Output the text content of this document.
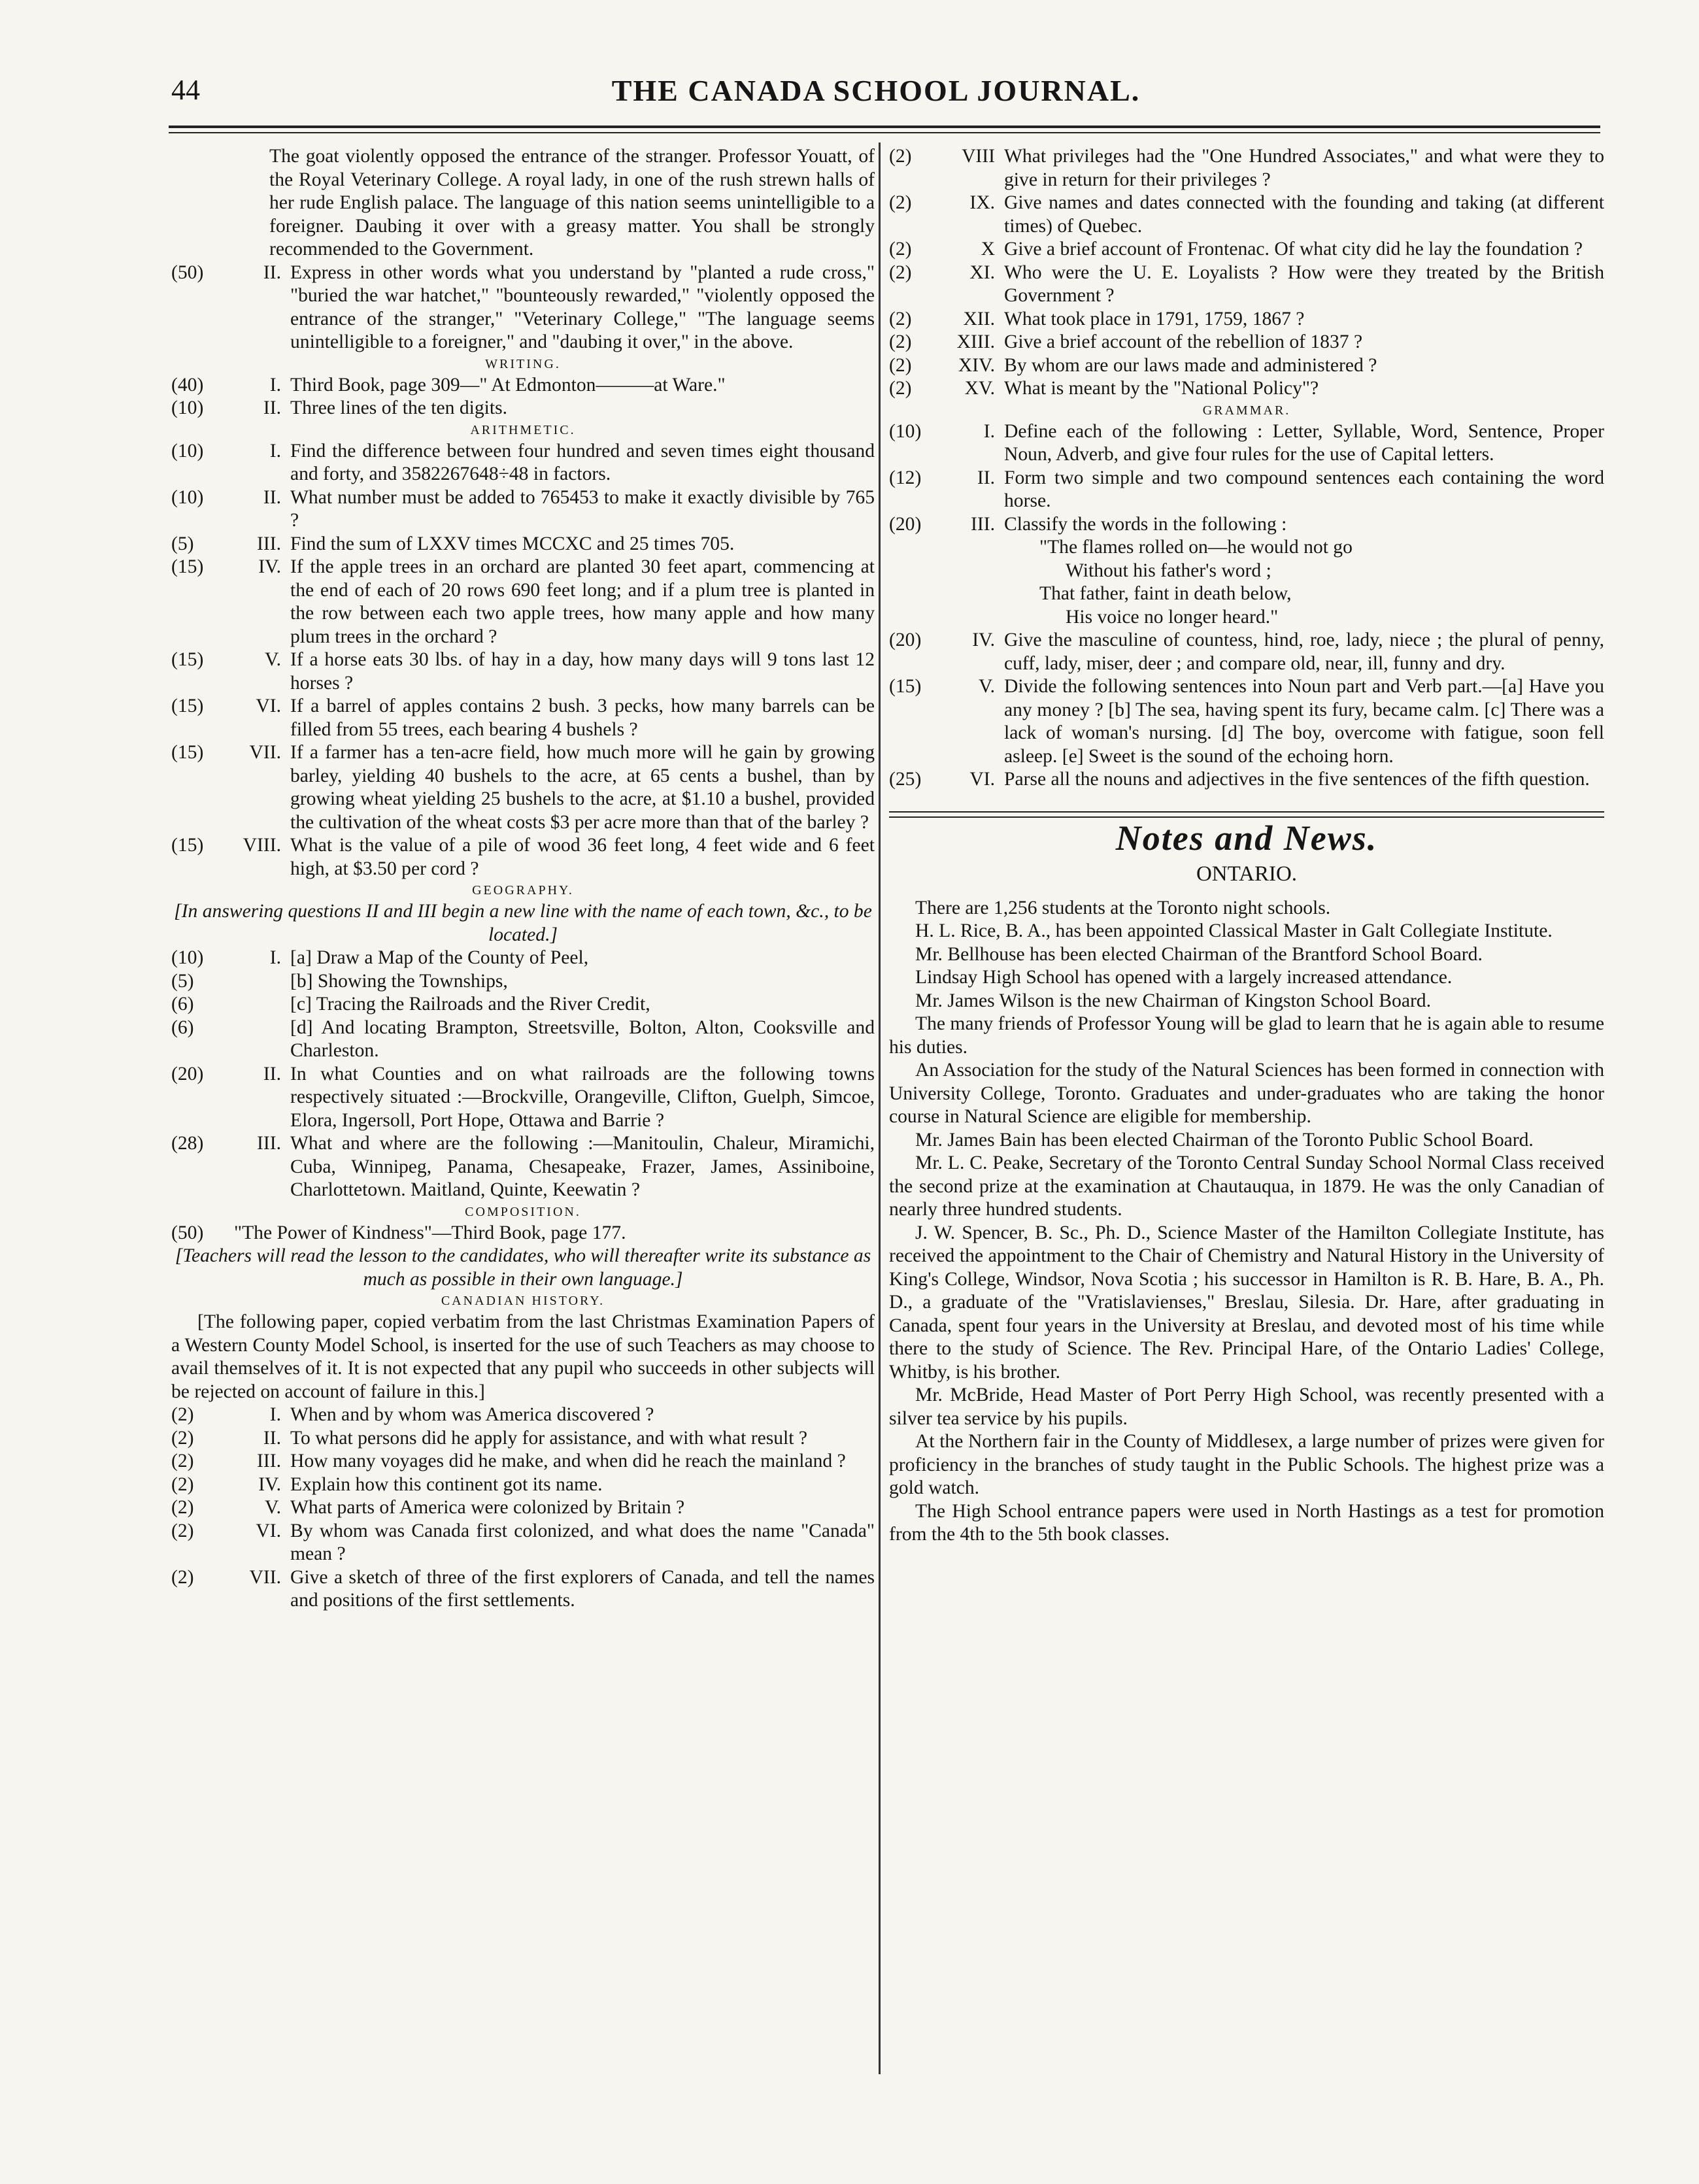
44	THE CANADA SCHOOL JOURNAL.
The goat violently opposed the entrance of the stranger. Professor Youatt, of the Royal Veterinary College. A royal lady, in one of the rush strewn halls of her rude English palace. The language of this nation seems unintelligible to a foreigner. Daubing it over with a greasy matter. You shall be strongly recommended to the Government.
(50)	II. Express in other words what you understand by "planted a rude cross," "buried the war hatchet," "bounteously rewarded," "violently opposed the entrance of the stranger," "Veterinary College," "The language seems unintelligible to a foreigner," and "daubing it over," in the above.
WRITING.
(40)	I. Third Book, page 309—" At Edmonton———at Ware."
(10)	II. Three lines of the ten digits.
ARITHMETIC.
(10)	I. Find the difference between four hundred and seven times eight thousand and forty, and 3582267648÷48 in factors.
(10)	II. What number must be added to 765453 to make it exactly divisible by 765 ?
(5)	III. Find the sum of LXXV times MCCXC and 25 times 705.
(15)	IV. If the apple trees in an orchard are planted 30 feet apart, commencing at the end of each of 20 rows 690 feet long; and if a plum tree is planted in the row between each two apple trees, how many apple and how many plum trees in the orchard ?
(15)	V. If a horse eats 30 lbs. of hay in a day, how many days will 9 tons last 12 horses ?
(15)	VI. If a barrel of apples contains 2 bush. 3 pecks, how many barrels can be filled from 55 trees, each bearing 4 bushels ?
(15)	VII. If a farmer has a ten-acre field, how much more will he gain by growing barley, yielding 40 bushels to the acre, at 65 cents a bushel, than by growing wheat yielding 25 bushels to the acre, at $1.10 a bushel, provided the cultivation of the wheat costs $3 per acre more than that of the barley ?
(15)	VIII. What is the value of a pile of wood 36 feet long, 4 feet wide and 6 feet high, at $3.50 per cord ?
GEOGRAPHY.
[In answering questions II and III begin a new line with the name of each town, &c., to be located.]
(10)	I. [a] Draw a Map of the County of Peel,
(5)	[b] Showing the Townships,
(6)	[c] Tracing the Railroads and the River Credit,
(6)	[d] And locating Brampton, Streetsville, Bolton, Alton, Cooksville and Charleston.
(20)	II. In what Counties and on what railroads are the following towns respectively situated :—Brockville, Orangeville, Clifton, Guelph, Simcoe, Elora, Ingersoll, Port Hope, Ottawa and Barrie ?
(28)	III. What and where are the following :—Manitoulin, Chaleur, Miramichi, Cuba, Winnipeg, Panama, Chesapeake, Frazer, James, Assiniboine, Charlottetown. Maitland, Quinte, Keewatin ?
COMPOSITION.
(50)	"The Power of Kindness"—Third Book, page 177.
[Teachers will read the lesson to the candidates, who will thereafter write its substance as much as possible in their own language.]
CANADIAN HISTORY.
[The following paper, copied verbatim from the last Christmas Examination Papers of a Western County Model School, is inserted for the use of such Teachers as may choose to avail themselves of it. It is not expected that any pupil who succeeds in other subjects will be rejected on account of failure in this.]
(2)	I. When and by whom was America discovered ?
(2)	II. To what persons did he apply for assistance, and with what result ?
(2)	III. How many voyages did he make, and when did he reach the mainland ?
(2)	IV. Explain how this continent got its name.
(2)	V. What parts of America were colonized by Britain ?
(2)	VI. By whom was Canada first colonized, and what does the name "Canada" mean ?
(2)	VII. Give a sketch of three of the first explorers of Canada, and tell the names and positions of the first settlements.
(2)	VIII What privileges had the "One Hundred Associates," and what were they to give in return for their privileges ?
(2)	IX. Give names and dates connected with the founding and taking (at different times) of Quebec.
(2)	X Give a brief account of Frontenac. Of what city did he lay the foundation ?
(2)	XI. Who were the U. E. Loyalists ? How were they treated by the British Government ?
(2)	XII. What took place in 1791, 1759, 1867 ?
(2)	XIII. Give a brief account of the rebellion of 1837 ?
(2)	XIV. By whom are our laws made and administered ?
(2)	XV. What is meant by the "National Policy"?
GRAMMAR.
(10)	I. Define each of the following : Letter, Syllable, Word, Sentence, Proper Noun, Adverb, and give four rules for the use of Capital letters.
(12)	II. Form two simple and two compound sentences each containing the word horse.
(20)	III. Classify the words in the following :
"The flames rolled on—he would not go
Without his father's word ;
That father, faint in death below,
His voice no longer heard."
(20)	IV. Give the masculine of countess, hind, roe, lady, niece ; the plural of penny, cuff, lady, miser, deer ; and compare old, near, ill, funny and dry.
(15)	V. Divide the following sentences into Noun part and Verb part.—[a] Have you any money ? [b] The sea, having spent its fury, became calm. [c] There was a lack of woman's nursing. [d] The boy, overcome with fatigue, soon fell asleep. [e] Sweet is the sound of the echoing horn.
(25)	VI. Parse all the nouns and adjectives in the five sentences of the fifth question.
Notes and News.
ONTARIO.

There are 1,256 students at the Toronto night schools.

H. L. Rice, B. A., has been appointed Classical Master in Galt Collegiate Institute.

Mr. Bellhouse has been elected Chairman of the Brantford School Board.

Lindsay High School has opened with a largely increased attendance.

Mr. James Wilson is the new Chairman of Kingston School Board.

The many friends of Professor Young will be glad to learn that he is again able to resume his duties.

An Association for the study of the Natural Sciences has been formed in connection with University College, Toronto. Graduates and under-graduates who are taking the honor course in Natural Science are eligible for membership.

Mr. James Bain has been elected Chairman of the Toronto Public School Board.

Mr. L. C. Peake, Secretary of the Toronto Central Sunday School Normal Class received the second prize at the examination at Chautauqua, in 1879. He was the only Canadian of nearly three hundred students.

J. W. Spencer, B. Sc., Ph. D., Science Master of the Hamilton Collegiate Institute, has received the appointment to the Chair of Chemistry and Natural History in the University of King's College, Windsor, Nova Scotia ; his successor in Hamilton is R. B. Hare, B. A., Ph. D., a graduate of the "Vratislavienses," Breslau, Silesia. Dr. Hare, after graduating in Canada, spent four years in the University at Breslau, and devoted most of his time while there to the study of Science. The Rev. Principal Hare, of the Ontario Ladies' College, Whitby, is his brother.

Mr. McBride, Head Master of Port Perry High School, was recently presented with a silver tea service by his pupils.

At the Northern fair in the County of Middlesex, a large number of prizes were given for proficiency in the branches of study taught in the Public Schools. The highest prize was a gold watch.

The High School entrance papers were used in North Hastings as a test for promotion from the 4th to the 5th book classes.
